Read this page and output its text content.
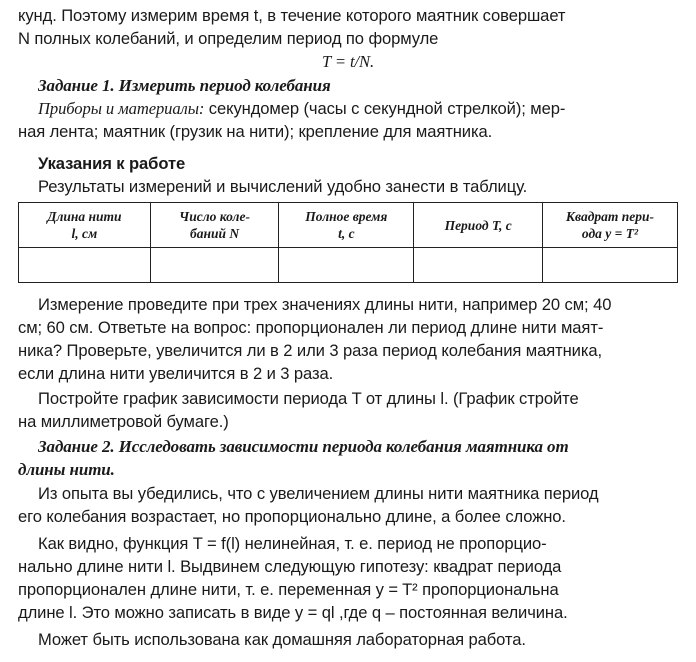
кунд. Поэтому измерим время t, в течение которого маятник совершает
N полных колебаний, и определим период по формуле
T = t/N.
Задание 1. Измерить период колебания
Приборы и материалы: секундомер (часы с секундной стрелкой); мер-
ная лента; маятник (грузик на нити); крепление для маятника.
Указания к работе
Результаты измерений и вычислений удобно занести в таблицу.
Длина нити
l, см	Число коле-
баний N	Полное время
t, c	Период T, c	Квадрат пери-
ода y = T²

Измерение проведите при трех значениях длины нити, например 20 см; 40
см; 60 см. Ответьте на вопрос: пропорционален ли период длине нити маят-
ника? Проверьте, увеличится ли в 2 или 3 раза период колебания маятника,
если длина нити увеличится в 2 и 3 раза.
Постройте график зависимости периода T от длины l. (График стройте
на миллиметровой бумаге.)
Задание 2. Исследовать зависимости периода колебания маятника от
длины нити.
Из опыта вы убедились, что с увеличением длины нити маятника период
его колебания возрастает, но пропорционально длине, а более сложно.
Как видно, функция T = f(l) нелинейная, т. е. период не пропорцио-
нально длине нити l. Выдвинем следующую гипотезу: квадрат периода
пропорционален длине нити, т. е. переменная y = T² пропорциональна
длине l. Это можно записать в виде y = ql ,где q – постоянная величина.
Может быть использована как домашняя лабораторная работа.
